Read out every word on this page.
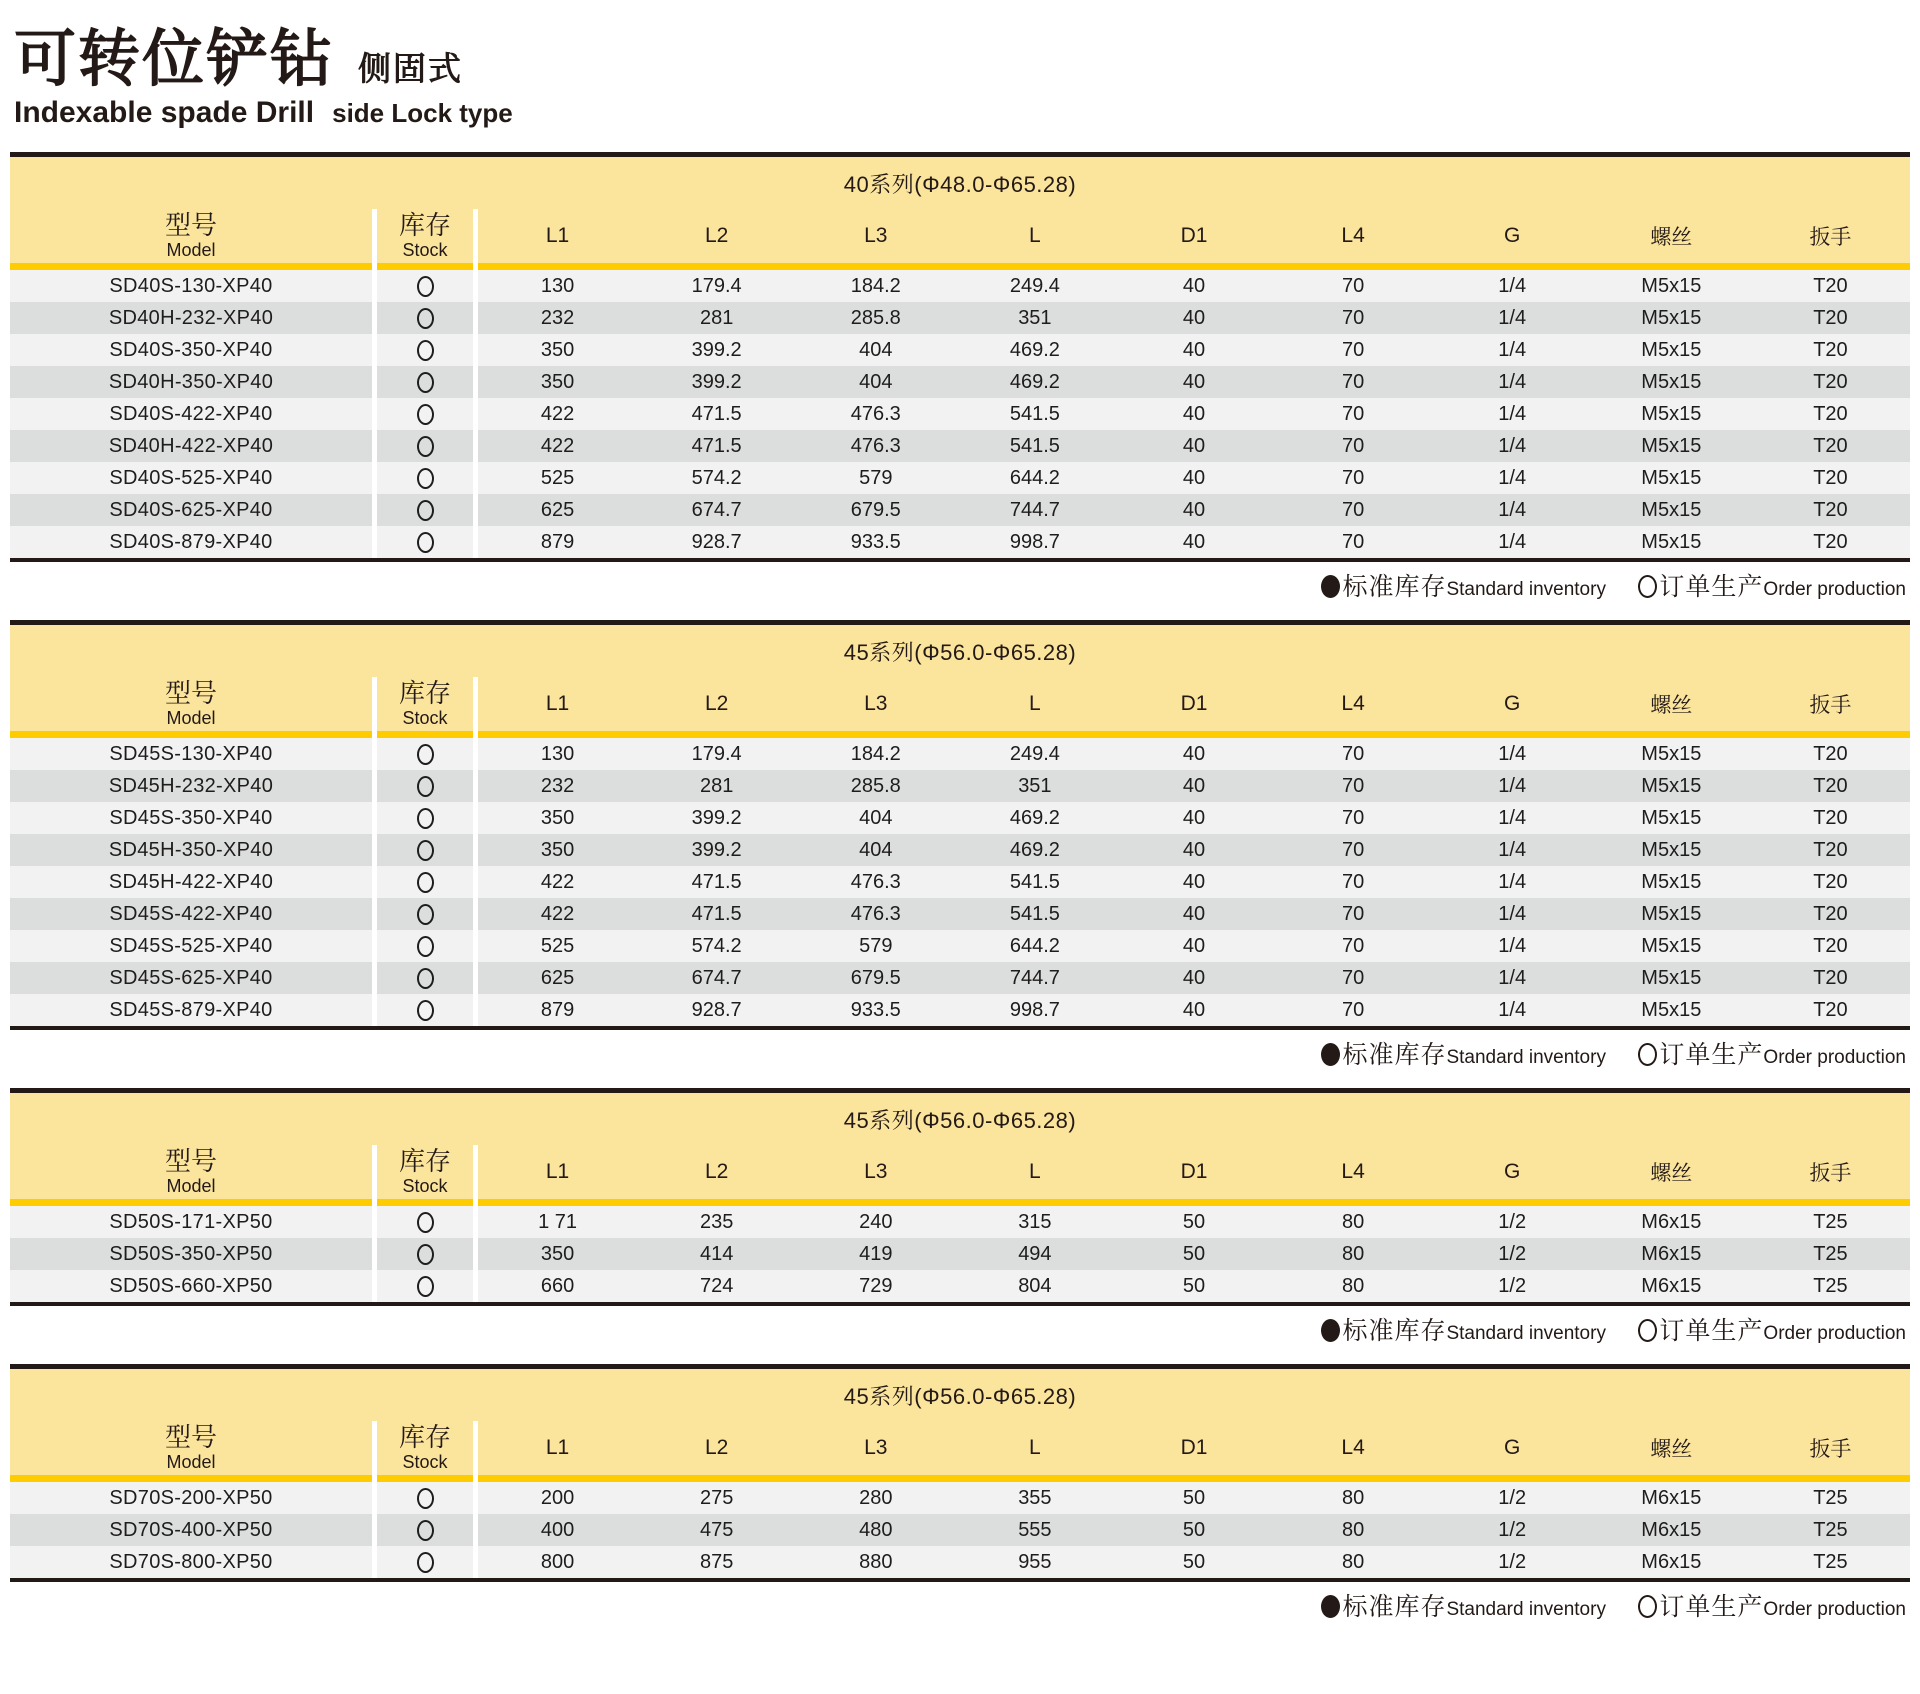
可转位铲钻 侧固式
Indexable spade Drill side Lock type
40系列(Φ48.0-Φ65.28)										

型号
Model	库存
Stock	L1	L2	L3	L	D1	L4	G	螺丝	扳手

SD40S-130-XP40		130	179.4	184.2	249.4	40	70	1/4	M5x15	T20
SD40H-232-XP40		232	281	285.8	351	40	70	1/4	M5x15	T20
SD40S-350-XP40		350	399.2	404	469.2	40	70	1/4	M5x15	T20
SD40H-350-XP40		350	399.2	404	469.2	40	70	1/4	M5x15	T20
SD40S-422-XP40		422	471.5	476.3	541.5	40	70	1/4	M5x15	T20
SD40H-422-XP40		422	471.5	476.3	541.5	40	70	1/4	M5x15	T20
SD40S-525-XP40		525	574.2	579	644.2	40	70	1/4	M5x15	T20
SD40S-625-XP40		625	674.7	679.5	744.7	40	70	1/4	M5x15	T20
SD40S-879-XP40		879	928.7	933.5	998.7	40	70	1/4	M5x15	T20
标准库存Standard inventory 订单生产Order production
45系列(Φ56.0-Φ65.28)										

型号
Model	库存
Stock	L1	L2	L3	L	D1	L4	G	螺丝	扳手

SD45S-130-XP40		130	179.4	184.2	249.4	40	70	1/4	M5x15	T20
SD45H-232-XP40		232	281	285.8	351	40	70	1/4	M5x15	T20
SD45S-350-XP40		350	399.2	404	469.2	40	70	1/4	M5x15	T20
SD45H-350-XP40		350	399.2	404	469.2	40	70	1/4	M5x15	T20
SD45H-422-XP40		422	471.5	476.3	541.5	40	70	1/4	M5x15	T20
SD45S-422-XP40		422	471.5	476.3	541.5	40	70	1/4	M5x15	T20
SD45S-525-XP40		525	574.2	579	644.2	40	70	1/4	M5x15	T20
SD45S-625-XP40		625	674.7	679.5	744.7	40	70	1/4	M5x15	T20
SD45S-879-XP40		879	928.7	933.5	998.7	40	70	1/4	M5x15	T20
标准库存Standard inventory 订单生产Order production
45系列(Φ56.0-Φ65.28)										

型号
Model	库存
Stock	L1	L2	L3	L	D1	L4	G	螺丝	扳手

SD50S-171-XP50		1 71	235	240	315	50	80	1/2	M6x15	T25
SD50S-350-XP50		350	414	419	494	50	80	1/2	M6x15	T25
SD50S-660-XP50		660	724	729	804	50	80	1/2	M6x15	T25
标准库存Standard inventory 订单生产Order production
45系列(Φ56.0-Φ65.28)										

型号
Model	库存
Stock	L1	L2	L3	L	D1	L4	G	螺丝	扳手

SD70S-200-XP50		200	275	280	355	50	80	1/2	M6x15	T25
SD70S-400-XP50		400	475	480	555	50	80	1/2	M6x15	T25
SD70S-800-XP50		800	875	880	955	50	80	1/2	M6x15	T25
标准库存Standard inventory 订单生产Order production
